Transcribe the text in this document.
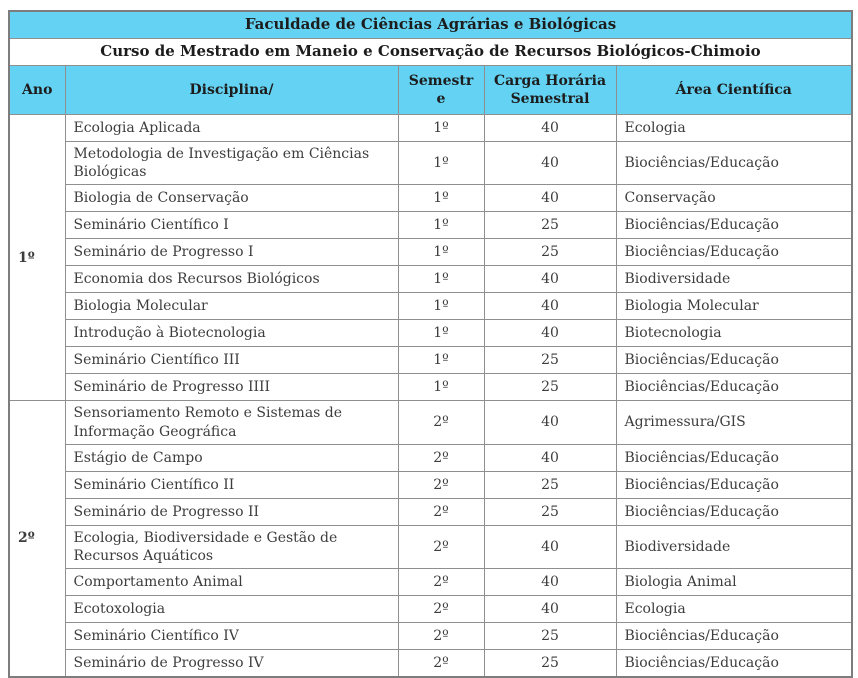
Faculdade de Ciências Agrárias e Biológicas				
Curso de Mestrado em Maneio e Conservação de Recursos Biológicos-Chimoio				
Ano	Disciplina/	Semestre	Carga Horária Semestral	Área Científica
1º	Ecologia Aplicada	1º	40	Ecologia
	Metodologia de Investigação em Ciências Biológicas	1º	40	Biociências/Educação
	Biologia de Conservação	1º	40	Conservação
	Seminário Científico I	1º	25	Biociências/Educação
	Seminário de Progresso I	1º	25	Biociências/Educação
	Economia dos Recursos Biológicos	1º	40	Biodiversidade
	Biologia Molecular	1º	40	Biologia Molecular
	Introdução à Biotecnologia	1º	40	Biotecnologia
	Seminário Científico III	1º	25	Biociências/Educação
	Seminário de Progresso IIII	1º	25	Biociências/Educação
2º	Sensoriamento Remoto e Sistemas de Informação Geográfica	2º	40	Agrimessura/GIS
	Estágio de Campo	2º	40	Biociências/Educação
	Seminário Científico II	2º	25	Biociências/Educação
	Seminário de Progresso II	2º	25	Biociências/Educação
	Ecologia, Biodiversidade e Gestão de Recursos Aquáticos	2º	40	Biodiversidade
	Comportamento Animal	2º	40	Biologia Animal
	Ecotoxologia	2º	40	Ecologia
	Seminário Científico IV	2º	25	Biociências/Educação
	Seminário de Progresso IV	2º	25	Biociências/Educação
